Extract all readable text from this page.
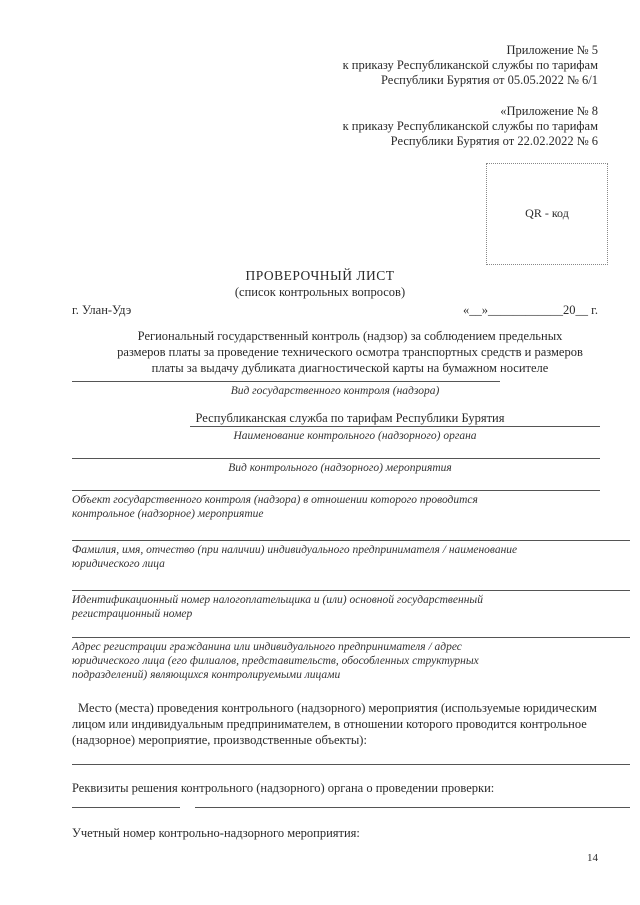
Приложение № 5
к приказу Республиканской службы по тарифам
Республики Бурятия от 05.05.2022 № 6/1
«Приложение № 8
к приказу Республиканской службы по тарифам
Республики Бурятия от 22.02.2022 № 6
QR - код
ПРОВЕРОЧНЫЙ ЛИСТ
(список контрольных вопросов)
г. Улан-Удэ	«__»____________20__ г.
Региональный государственный контроль (надзор) за соблюдением предельных
размеров платы за проведение технического осмотра транспортных средств и размеров
платы за выдачу дубликата диагностической карты на бумажном носителе
Вид государственного контроля (надзора)
Республиканская служба по тарифам Республики Бурятия
Наименование контрольного (надзорного) органа
Вид контрольного (надзорного) мероприятия
Объект государственного контроля (надзора) в отношении которого проводится
контрольное (надзорное) мероприятие
Фамилия, имя, отчество (при наличии) индивидуального предпринимателя / наименование
юридического лица
Идентификационный номер налогоплательщика и (или) основной государственный
регистрационный номер
Адрес регистрации гражданина или индивидуального предпринимателя / адрес
юридического лица (его филиалов, представительств, обособленных структурных
подразделений) являющихся контролируемыми лицами
Место (места) проведения контрольного (надзорного) мероприятия (используемые юридическим
лицом или индивидуальным предпринимателем, в отношении которого проводится контрольное
(надзорное) мероприятие, производственные объекты):
Реквизиты решения контрольного (надзорного) органа о проведении проверки:
Учетный номер контрольно-надзорного мероприятия:
14
